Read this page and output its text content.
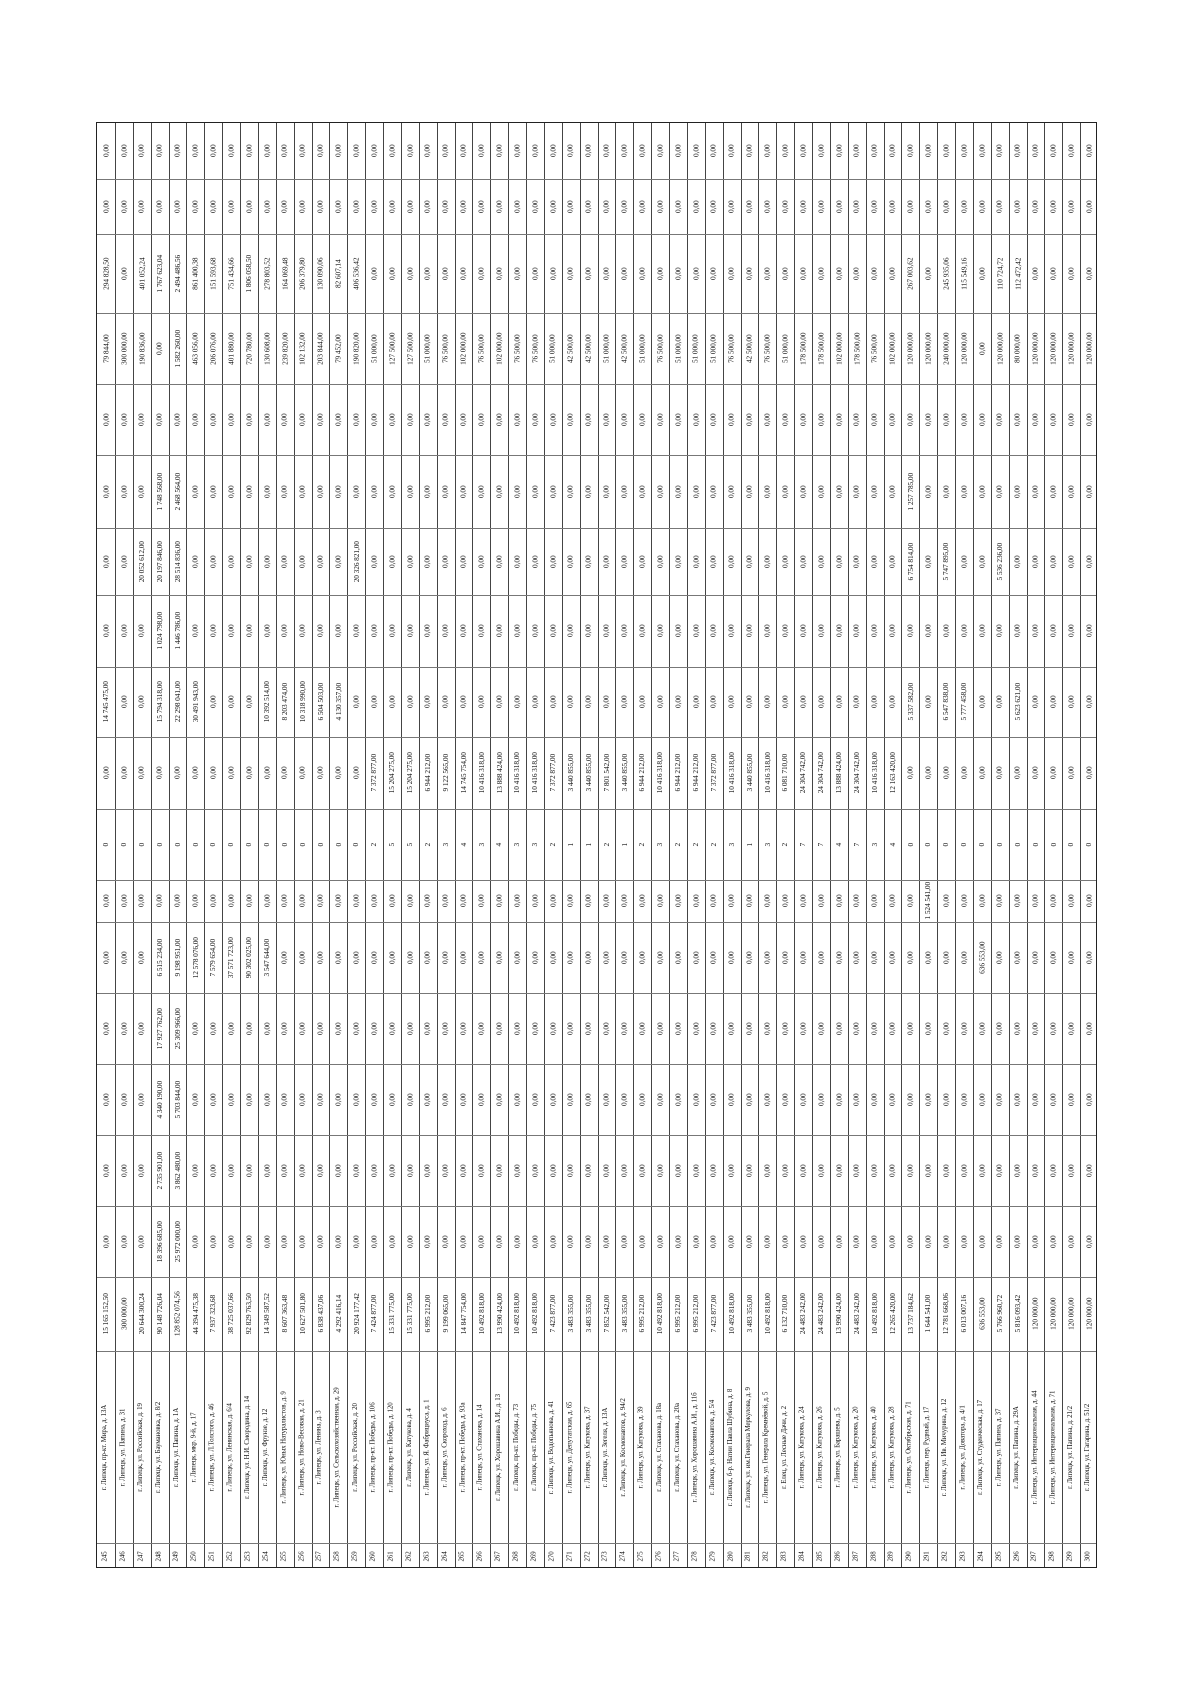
245
г. Липецк, пр-кт. Мира, д. 13А
15 165 152,50
0,00
0,00
0,00
0,00
0,00
0,00
0
0,00
14 745 475,00
0,00
0,00
0,00
0,00
79 844,00
294 828,50
0,00
0,00
246
г. Липецк, ул. Папина, д. 31
300 000,00
0,00
0,00
0,00
0,00
0,00
0,00
0
0,00
0,00
0,00
0,00
0,00
0,00
300 000,00
0,00
0,00
0,00
247
г. Липецк, ул. Российская, д. 19
20 644 300,24
0,00
0,00
0,00
0,00
0,00
0,00
0
0,00
0,00
0,00
20 052 612,00
0,00
0,00
190 836,00
401 052,24
0,00
0,00
248
г. Липецк, ул. Баумановка, д. 8/2
90 148 726,04
18 396 685,00
2 735 901,00
4 340 190,00
17 927 762,00
6 515 234,00
0,00
0
0,00
15 794 318,00
1 024 798,00
20 197 846,00
1 748 568,00
0,00
0,00
1 767 623,04
0,00
0,00
249
г. Липецк, ул. Папина, д. 1А
128 852 074,56
25 972 000,00
3 862 480,00
5 703 844,00
25 309 966,00
9 198 951,00
0,00
0
0,00
22 298 041,00
1 446 786,00
28 514 836,00
2 468 564,00
0,00
1 582 260,00
2 494 486,56
0,00
0,00
250
г. Липецк, мкр. 9-й, д. 17
44 394 475,38
0,00
0,00
0,00
0,00
12 578 076,00
0,00
0
0,00
30 491 943,00
0,00
0,00
0,00
0,00
463 056,00
861 400,38
0,00
0,00
251
г. Липецк, ул. Л.Толстого, д. 46
7 937 323,68
0,00
0,00
0,00
0,00
7 579 654,00
0,00
0
0,00
0,00
0,00
0,00
0,00
0,00
206 076,00
151 593,68
0,00
0,00
252
г. Липецк, ул. Ленинская, д. 6/4
38 725 037,66
0,00
0,00
0,00
0,00
37 571 723,00
0,00
0
0,00
0,00
0,00
0,00
0,00
0,00
401 880,00
751 434,66
0,00
0,00
253
г. Липецк, ул. Н.И. Смородина, д. 14
92 829 763,50
0,00
0,00
0,00
0,00
90 302 025,00
0,00
0
0,00
0,00
0,00
0,00
0,00
0,00
720 780,00
1 806 058,50
0,00
0,00
254
г. Липецк, ул. Фрунзе, д. 12
14 349 587,52
0,00
0,00
0,00
0,00
3 547 644,00
0,00
0
0,00
10 392 514,00
0,00
0,00
0,00
0,00
130 608,00
278 803,52
0,00
0,00
255
г. Липецк, ул. Юных Натуралистов, д. 9
8 607 363,48
0,00
0,00
0,00
0,00
0,00
0,00
0
0,00
8 203 474,00
0,00
0,00
0,00
0,00
239 820,00
164 069,48
0,00
0,00
256
г. Липецк, ул. Ново-Весовая, д. 21
10 627 501,80
0,00
0,00
0,00
0,00
0,00
0,00
0
0,00
10 318 990,00
0,00
0,00
0,00
0,00
102 132,00
206 379,80
0,00
0,00
257
г. Липецк, ул. Ленина, д. 3
6 838 437,06
0,00
0,00
0,00
0,00
0,00
0,00
0
0,00
6 504 503,00
0,00
0,00
0,00
0,00
203 844,00
130 090,06
0,00
0,00
258
г. Липецк, ул. Сельскохозяйственная, д. 29
4 292 416,14
0,00
0,00
0,00
0,00
0,00
0,00
0
0,00
4 130 357,00
0,00
0,00
0,00
0,00
79 452,00
82 607,14
0,00
0,00
259
г. Липецк, ул. Российская, д. 20
20 924 177,42
0,00
0,00
0,00
0,00
0,00
0,00
0
0,00
0,00
0,00
20 326 821,00
0,00
0,00
190 820,00
406 536,42
0,00
0,00
260
г. Липецк, пр-кт. Победы, д. 106
7 424 877,00
0,00
0,00
0,00
0,00
0,00
0,00
2
7 372 877,00
0,00
0,00
0,00
0,00
0,00
51 000,00
0,00
0,00
0,00
261
г. Липецк, пр-кт. Победы, д. 120
15 331 775,00
0,00
0,00
0,00
0,00
0,00
0,00
5
15 204 275,00
0,00
0,00
0,00
0,00
0,00
127 500,00
0,00
0,00
0,00
262
г. Липецк, ул. Катукова, д. 4
15 331 775,00
0,00
0,00
0,00
0,00
0,00
0,00
5
15 204 275,00
0,00
0,00
0,00
0,00
0,00
127 500,00
0,00
0,00
0,00
263
г. Липецк, ул. Я. Фабрициуса, д. 1
6 995 212,00
0,00
0,00
0,00
0,00
0,00
0,00
2
6 944 212,00
0,00
0,00
0,00
0,00
0,00
51 000,00
0,00
0,00
0,00
264
г. Липецк, ул. Скороход, д. 6
9 199 065,00
0,00
0,00
0,00
0,00
0,00
0,00
3
9 122 565,00
0,00
0,00
0,00
0,00
0,00
76 500,00
0,00
0,00
0,00
265
г. Липецк, пр-кт. Победы, д. 93а
14 847 754,00
0,00
0,00
0,00
0,00
0,00
0,00
4
14 745 754,00
0,00
0,00
0,00
0,00
0,00
102 000,00
0,00
0,00
0,00
266
г. Липецк, ул. Стаханова, д. 14
10 492 818,00
0,00
0,00
0,00
0,00
0,00
0,00
3
10 416 318,00
0,00
0,00
0,00
0,00
0,00
76 500,00
0,00
0,00
0,00
267
г. Липецк, ул. Хорошавина А.И., д. 13
13 990 424,00
0,00
0,00
0,00
0,00
0,00
0,00
4
13 888 424,00
0,00
0,00
0,00
0,00
0,00
102 000,00
0,00
0,00
0,00
268
г. Липецк, пр-кт. Победы, д. 73
10 492 818,00
0,00
0,00
0,00
0,00
0,00
0,00
3
10 416 318,00
0,00
0,00
0,00
0,00
0,00
76 500,00
0,00
0,00
0,00
269
г. Липецк, пр-кт. Победы, д. 75
10 492 818,00
0,00
0,00
0,00
0,00
0,00
0,00
3
10 416 318,00
0,00
0,00
0,00
0,00
0,00
76 500,00
0,00
0,00
0,00
270
г. Липецк, ул. Водопьянова, д. 41
7 423 877,00
0,00
0,00
0,00
0,00
0,00
0,00
2
7 372 877,00
0,00
0,00
0,00
0,00
0,00
51 000,00
0,00
0,00
0,00
271
г. Липецк, ул. Депутатская, д. 65
3 483 355,00
0,00
0,00
0,00
0,00
0,00
0,00
1
3 440 855,00
0,00
0,00
0,00
0,00
0,00
42 500,00
0,00
0,00
0,00
272
г. Липецк, ул. Катукова, д. 37
3 483 355,00
0,00
0,00
0,00
0,00
0,00
0,00
1
3 440 855,00
0,00
0,00
0,00
0,00
0,00
42 500,00
0,00
0,00
0,00
273
г. Липецк, ул. Зегеля, д. 13А
7 852 542,00
0,00
0,00
0,00
0,00
0,00
0,00
2
7 801 542,00
0,00
0,00
0,00
0,00
0,00
51 000,00
0,00
0,00
0,00
274
г. Липецк, ул. Космонавтов, д. 94/2
3 483 355,00
0,00
0,00
0,00
0,00
0,00
0,00
1
3 440 855,00
0,00
0,00
0,00
0,00
0,00
42 500,00
0,00
0,00
0,00
275
г. Липецк, ул. Катукова, д. 39
6 995 212,00
0,00
0,00
0,00
0,00
0,00
0,00
2
6 944 212,00
0,00
0,00
0,00
0,00
0,00
51 000,00
0,00
0,00
0,00
276
г. Липецк, ул. Стаханова, д. 18а
10 492 818,00
0,00
0,00
0,00
0,00
0,00
0,00
3
10 416 318,00
0,00
0,00
0,00
0,00
0,00
76 500,00
0,00
0,00
0,00
277
г. Липецк, ул. Стаханова, д. 20а
6 995 212,00
0,00
0,00
0,00
0,00
0,00
0,00
2
6 944 212,00
0,00
0,00
0,00
0,00
0,00
51 000,00
0,00
0,00
0,00
278
г. Липецк, ул. Хорошавина А.И., д. 11б
6 995 212,00
0,00
0,00
0,00
0,00
0,00
0,00
2
6 944 212,00
0,00
0,00
0,00
0,00
0,00
51 000,00
0,00
0,00
0,00
279
г. Липецк, ул. Космонавтов, д. 5/4
7 423 877,00
0,00
0,00
0,00
0,00
0,00
0,00
2
7 372 877,00
0,00
0,00
0,00
0,00
0,00
51 000,00
0,00
0,00
0,00
280
г. Липецк, б-р. Натии Павла Шубина, д. 8
10 492 818,00
0,00
0,00
0,00
0,00
0,00
0,00
3
10 416 318,00
0,00
0,00
0,00
0,00
0,00
76 500,00
0,00
0,00
0,00
281
г. Липецк, ул. им.Генерала Меркулова, д. 9
3 483 355,00
0,00
0,00
0,00
0,00
0,00
0,00
1
3 440 855,00
0,00
0,00
0,00
0,00
0,00
42 500,00
0,00
0,00
0,00
282
г. Липецк, ул. Генерала Кремнёвой, д. 5
10 492 818,00
0,00
0,00
0,00
0,00
0,00
0,00
3
10 416 318,00
0,00
0,00
0,00
0,00
0,00
76 500,00
0,00
0,00
0,00
283
г. Елец, ул. Лесные Дачи, д. 2
6 132 710,00
0,00
0,00
0,00
0,00
0,00
0,00
2
6 081 710,00
0,00
0,00
0,00
0,00
0,00
51 000,00
0,00
0,00
0,00
284
г. Липецк, ул. Катукова, д. 24
24 483 242,00
0,00
0,00
0,00
0,00
0,00
0,00
7
24 304 742,00
0,00
0,00
0,00
0,00
0,00
178 500,00
0,00
0,00
0,00
285
г. Липецк, ул. Катукова, д. 26
24 483 242,00
0,00
0,00
0,00
0,00
0,00
0,00
7
24 304 742,00
0,00
0,00
0,00
0,00
0,00
178 500,00
0,00
0,00
0,00
286
г. Липецк, ул. Барашева, д. 5
13 990 424,00
0,00
0,00
0,00
0,00
0,00
0,00
4
13 888 424,00
0,00
0,00
0,00
0,00
0,00
102 000,00
0,00
0,00
0,00
287
г. Липецк, ул. Катукова, д. 20
24 483 242,00
0,00
0,00
0,00
0,00
0,00
0,00
7
24 304 742,00
0,00
0,00
0,00
0,00
0,00
178 500,00
0,00
0,00
0,00
288
г. Липецк, ул. Катукова, д. 40
10 492 818,00
0,00
0,00
0,00
0,00
0,00
0,00
3
10 416 318,00
0,00
0,00
0,00
0,00
0,00
76 500,00
0,00
0,00
0,00
289
г. Липецк, ул. Катукова, д. 28
12 265 420,00
0,00
0,00
0,00
0,00
0,00
0,00
4
12 163 420,00
0,00
0,00
0,00
0,00
0,00
102 000,00
0,00
0,00
0,00
290
г. Липецк, ул. Октябрьская, д. 71
13 737 184,62
0,00
0,00
0,00
0,00
0,00
0,00
0
0,00
5 337 582,00
0,00
6 754 814,00
1 257 785,00
0,00
120 000,00
267 003,62
0,00
0,00
291
г. Липецк, пер. Рудный, д. 17
1 644 541,00
0,00
0,00
0,00
0,00
0,00
1 524 541,00
0
0,00
0,00
0,00
0,00
0,00
0,00
120 000,00
0,00
0,00
0,00
292
г. Липецк, ул. Ив. Мичурина, д. 12
12 781 668,06
0,00
0,00
0,00
0,00
0,00
0,00
0
0,00
6 547 838,00
0,00
5 747 895,00
0,00
0,00
240 000,00
245 935,06
0,00
0,00
293
г. Липецк, ул. Доватора, д. 4/1
6 013 007,16
0,00
0,00
0,00
0,00
0,00
0,00
0
0,00
5 777 458,00
0,00
0,00
0,00
0,00
120 000,00
115 549,16
0,00
0,00
294
г. Липецк, ул. Студенческая, д. 17
636 553,00
0,00
0,00
0,00
0,00
636 553,00
0,00
0
0,00
0,00
0,00
0,00
0,00
0,00
0,00
0,00
0,00
0,00
295
г. Липецк, ул. Папина, д. 37
5 766 960,72
0,00
0,00
0,00
0,00
0,00
0,00
0
0,00
0,00
0,00
5 536 236,00
0,00
0,00
120 000,00
110 724,72
0,00
0,00
296
г. Липецк, ул. Папина, д. 29А
5 816 093,42
0,00
0,00
0,00
0,00
0,00
0,00
0
0,00
5 623 621,00
0,00
0,00
0,00
0,00
80 000,00
112 472,42
0,00
0,00
297
г. Липецк, ул. Интернациональная, д. 44
120 000,00
0,00
0,00
0,00
0,00
0,00
0,00
0
0,00
0,00
0,00
0,00
0,00
0,00
120 000,00
0,00
0,00
0,00
298
г. Липецк, ул. Интернациональная, д. 71
120 000,00
0,00
0,00
0,00
0,00
0,00
0,00
0
0,00
0,00
0,00
0,00
0,00
0,00
120 000,00
0,00
0,00
0,00
299
г. Липецк, ул. Папина, д. 21/2
120 000,00
0,00
0,00
0,00
0,00
0,00
0,00
0
0,00
0,00
0,00
0,00
0,00
0,00
120 000,00
0,00
0,00
0,00
300
г. Липецк, ул. Гагарина, д. 51/2
120 000,00
0,00
0,00
0,00
0,00
0,00
0,00
0
0,00
0,00
0,00
0,00
0,00
0,00
120 000,00
0,00
0,00
0,00
